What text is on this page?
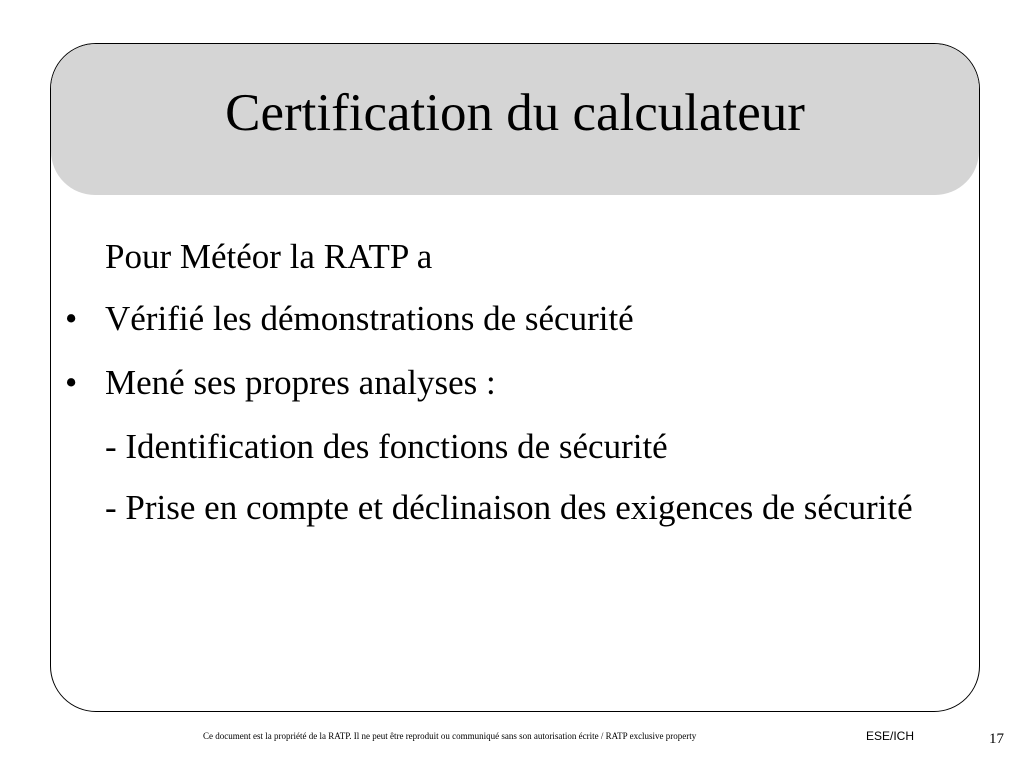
Certification du calculateur
Pour Météor la RATP a
• Vérifié les démonstrations de sécurité
• Mené ses propres analyses :
- Identification des fonctions de sécurité
- Prise en compte et déclinaison des exigences de sécurité
Ce document est la propriété de la RATP. Il ne peut être reproduit ou communiqué sans son autorisation écrite / RATP exclusive property	ESE/ICH	17
